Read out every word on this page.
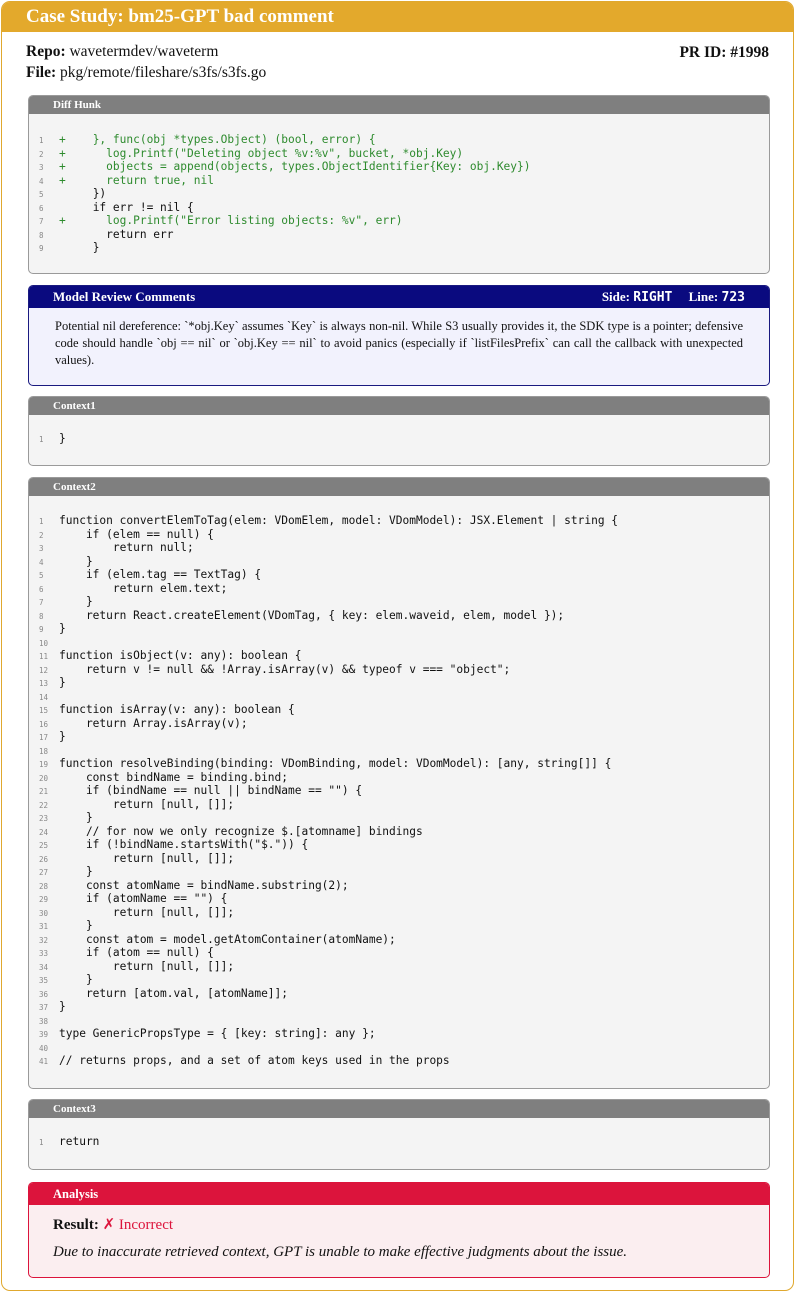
Case Study: bm25-GPT bad comment
Repo: wavetermdev/waveterm
File: pkg/remote/fileshare/s3fs/s3fs.go
PR ID: #1998
Diff Hunk
1 +    }, func(obj *types.Object) (bool, error) {
2 +      log.Printf("Deleting object %v:%v", bucket, *obj.Key)
3 +      objects = append(objects, types.ObjectIdentifier{Key: obj.Key})
4 +      return true, nil
5     })
6     if err != nil {
7 +      log.Printf("Error listing objects: %v", err)
8       return err
9     }
Model Review Comments	Side: RIGHT Line: 723
Potential nil dereference: `*obj.Key` assumes `Key` is always non-nil. While S3 usually provides it, the SDK type is a pointer; defensive code should handle `obj == nil` or `obj.Key == nil` to avoid panics (especially if `listFilesPrefix` can call the callback with unexpected values).
Context1
1 }
Context2
1 function convertElemToTag(elem: VDomElem, model: VDomModel): JSX.Element | string {
2    if (elem == null) {
3        return null;
4    }
5    if (elem.tag == TextTag) {
6        return elem.text;
7    }
8    return React.createElement(VDomTag, { key: elem.waveid, elem, model });
9 }
10
11 function isObject(v: any): boolean {
12    return v != null && !Array.isArray(v) && typeof v === "object";
13 }
14
15 function isArray(v: any): boolean {
16    return Array.isArray(v);
17 }
18
19 function resolveBinding(binding: VDomBinding, model: VDomModel): [any, string[]] {
20    const bindName = binding.bind;
21    if (bindName == null || bindName == "") {
22        return [null, []];
23    }
24    // for now we only recognize $.[atomname] bindings
25    if (!bindName.startsWith("$.")) {
26        return [null, []];
27    }
28    const atomName = bindName.substring(2);
29    if (atomName == "") {
30        return [null, []];
31    }
32    const atom = model.getAtomContainer(atomName);
33    if (atom == null) {
34        return [null, []];
35    }
36    return [atom.val, [atomName]];
37 }
38
39 type GenericPropsType = { [key: string]: any };
40
41 // returns props, and a set of atom keys used in the props
Context3
1 return
Analysis
Result: ✗ Incorrect
Due to inaccurate retrieved context, GPT is unable to make effective judgments about the issue.
